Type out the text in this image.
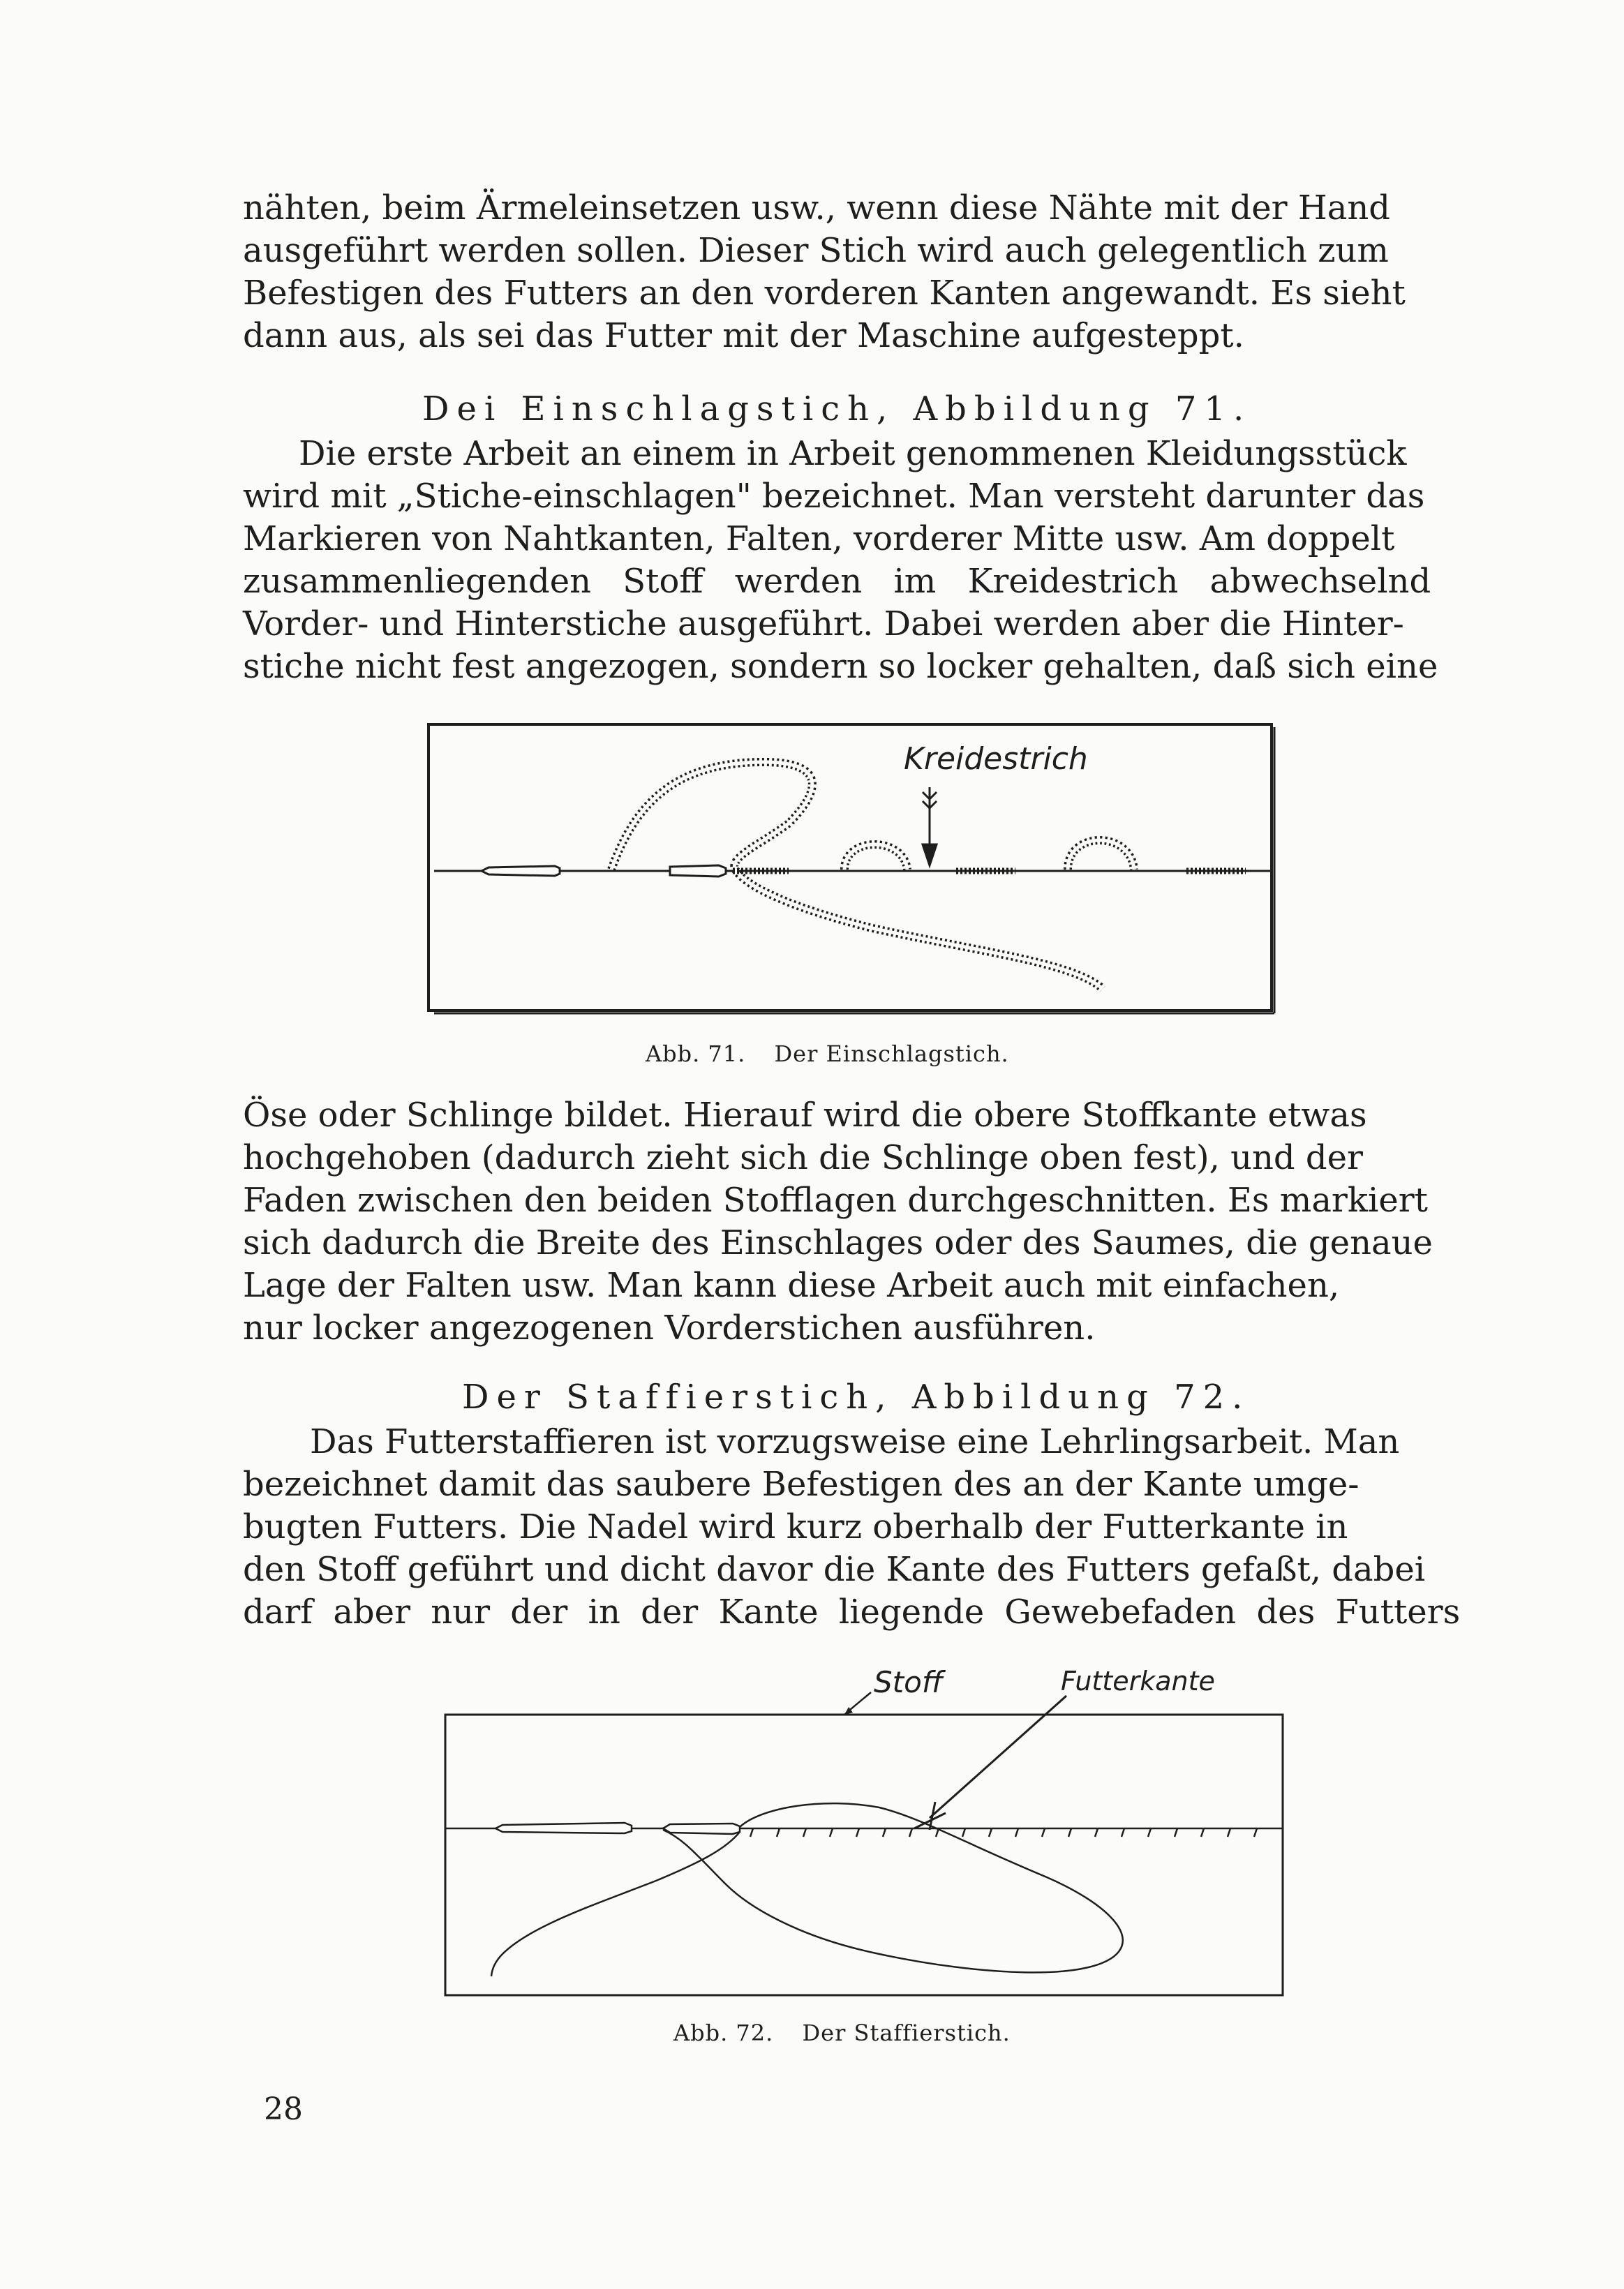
nähten, beim Ärmeleinsetzen usw., wenn diese Nähte mit der Hand
ausgeführt werden sollen. Dieser Stich wird auch gelegentlich zum
Befestigen des Futters an den vorderen Kanten angewandt. Es sieht
dann aus, als sei das Futter mit der Maschine aufgesteppt.
Dei Einschlagstich, Abbildung 71.
Die erste Arbeit an einem in Arbeit genommenen Kleidungsstück
wird mit „Stiche-einschlagen" bezeichnet. Man versteht darunter das
Markieren von Nahtkanten, Falten, vorderer Mitte usw. Am doppelt
zusammenliegenden Stoff werden im Kreidestrich abwechselnd
Vorder- und Hinterstiche ausgeführt. Dabei werden aber die Hinter-
stiche nicht fest angezogen, sondern so locker gehalten, daß sich eine
Kreidestrich
Abb. 71. Der Einschlagstich.
Öse oder Schlinge bildet. Hierauf wird die obere Stoffkante etwas
hochgehoben (dadurch zieht sich die Schlinge oben fest), und der
Faden zwischen den beiden Stofflagen durchgeschnitten. Es markiert
sich dadurch die Breite des Einschlages oder des Saumes, die genaue
Lage der Falten usw. Man kann diese Arbeit auch mit einfachen,
nur locker angezogenen Vorderstichen ausführen.
Der Staffierstich, Abbildung 72.
Das Futterstaffieren ist vorzugsweise eine Lehrlingsarbeit. Man
bezeichnet damit das saubere Befestigen des an der Kante umge-
bugten Futters. Die Nadel wird kurz oberhalb der Futterkante in
den Stoff geführt und dicht davor die Kante des Futters gefaßt, dabei
darf aber nur der in der Kante liegende Gewebefaden des Futters
Stoff	Futterkante
Abb. 72. Der Staffierstich.
28
